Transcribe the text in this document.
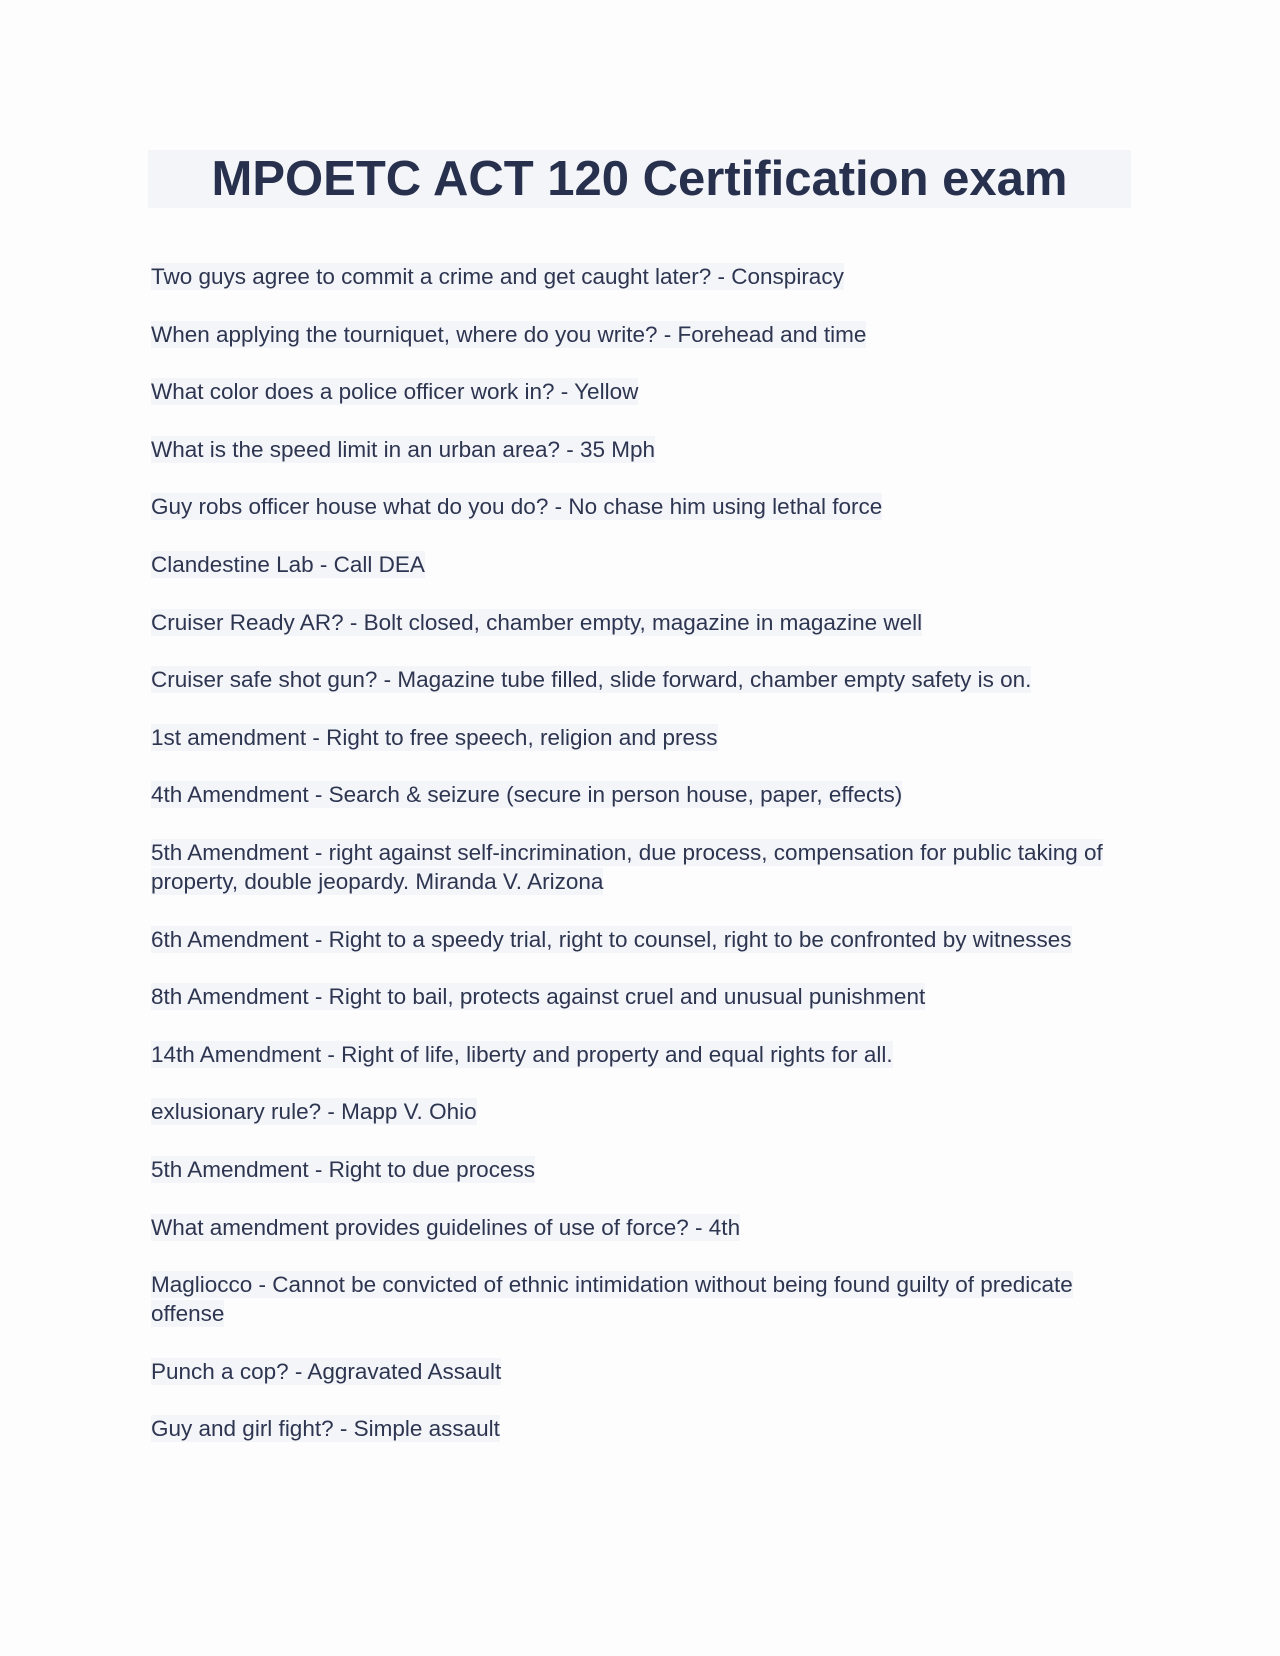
MPOETC ACT 120 Certification exam

Two guys agree to commit a crime and get caught later? - Conspiracy

When applying the tourniquet, where do you write? - Forehead and time

What color does a police officer work in? - Yellow

What is the speed limit in an urban area? - 35 Mph

Guy robs officer house what do you do? - No chase him using lethal force

Clandestine Lab - Call DEA

Cruiser Ready AR? - Bolt closed, chamber empty, magazine in magazine well

Cruiser safe shot gun? - Magazine tube filled, slide forward, chamber empty safety is on.

1st amendment - Right to free speech, religion and press

4th Amendment - Search & seizure (secure in person house, paper, effects)

5th Amendment - right against self-incrimination, due process, compensation for public taking of property, double jeopardy. Miranda V. Arizona

6th Amendment - Right to a speedy trial, right to counsel, right to be confronted by witnesses

8th Amendment - Right to bail, protects against cruel and unusual punishment

14th Amendment - Right of life, liberty and property and equal rights for all.

exlusionary rule? - Mapp V. Ohio

5th Amendment - Right to due process

What amendment provides guidelines of use of force? - 4th

Magliocco - Cannot be convicted of ethnic intimidation without being found guilty of predicate offense

Punch a cop? - Aggravated Assault

Guy and girl fight? - Simple assault
